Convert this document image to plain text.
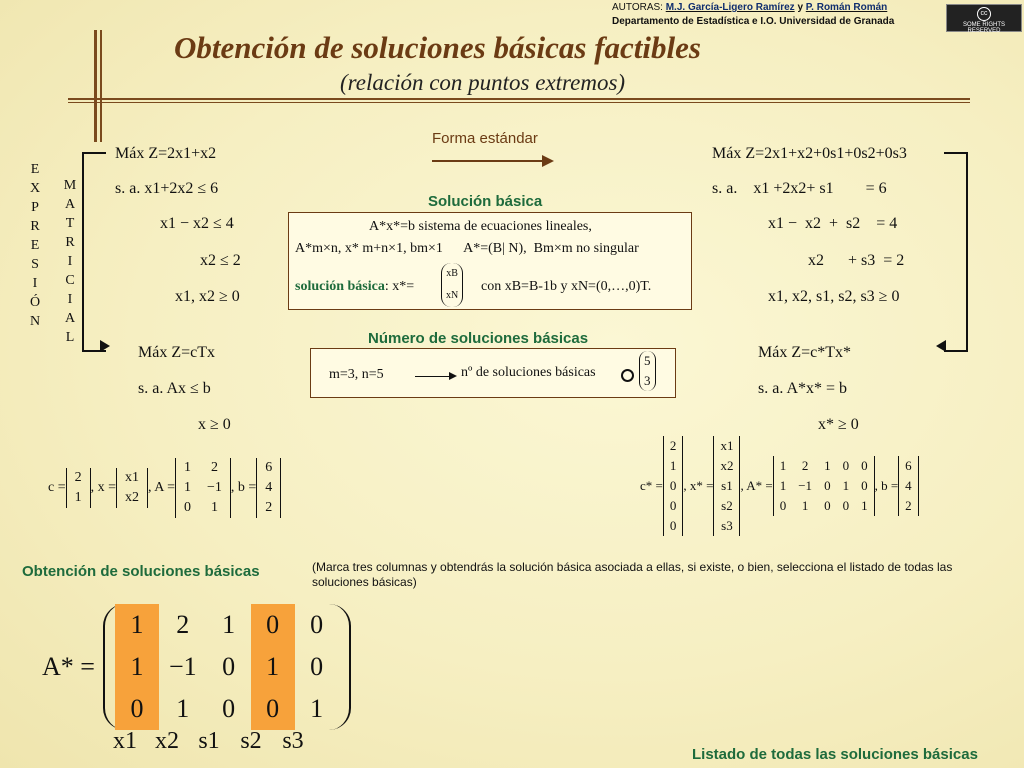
AUTORAS: M.J. García-Ligero Ramírez y P. Román Román
Departamento de Estadística e I.O. Universidad de Granada
cc
SOME RIGHTS RESERVED
Obtención de soluciones básicas factibles
(relación con puntos extremos)
E
X
P
R
E
S
I
Ó
N
M
A
T
R
I
C
I
A
L
Máx Z=2x1+x2
s. a. x1+2x2 ≤ 6
x1 − x2 ≤ 4
x2 ≤ 2
x1, x2 ≥ 0
Máx Z=cTx
s. a. Ax ≤ b
x ≥ 0
Forma estándar
Máx Z=2x1+x2+0s1+0s2+0s3
s. a.    x1 +2x2+ s1        = 6
x1 −  x2  +  s2    = 4
x2      + s3  = 2
x1, x2, s1, s2, s3 ≥ 0
Máx Z=c*Tx*
s. a. A*x* = b
x* ≥ 0
Solución básica
A*x*=b sistema de ecuaciones lineales,
A*m×n, x* m+n×1, bm×1      A*=(B| N),  Bm×m no singular
solución básica: x*=
xB
xN
con xB=B-1b y xN=(0,…,0)T.
Número de soluciones básicas
m=3, n=5	nº de soluciones básicas
5
3
c =
2
1
, x =
x1
x2
, A =
1	2
1	−1
0	1
, b =
6
4
2
c* =
2
1
0
0
0
, x* =
x1
x2
s1
s2
s3
, A* =
1	2	1	0	0
1	−1	0	1	0
0	1	0	0	1
, b =
6
4
2
Obtención de soluciones básicas	(Marca tres columnas y obtendrás la solución básica asociada a ellas, si existe, o bien, selecciona el listado de todas las soluciones básicas)
A* =
1	2	1	0	0
1	−1	0	1	0
0	1	0	0	1
x1	x2	s1	s2	s3
Listado de todas las soluciones básicas
